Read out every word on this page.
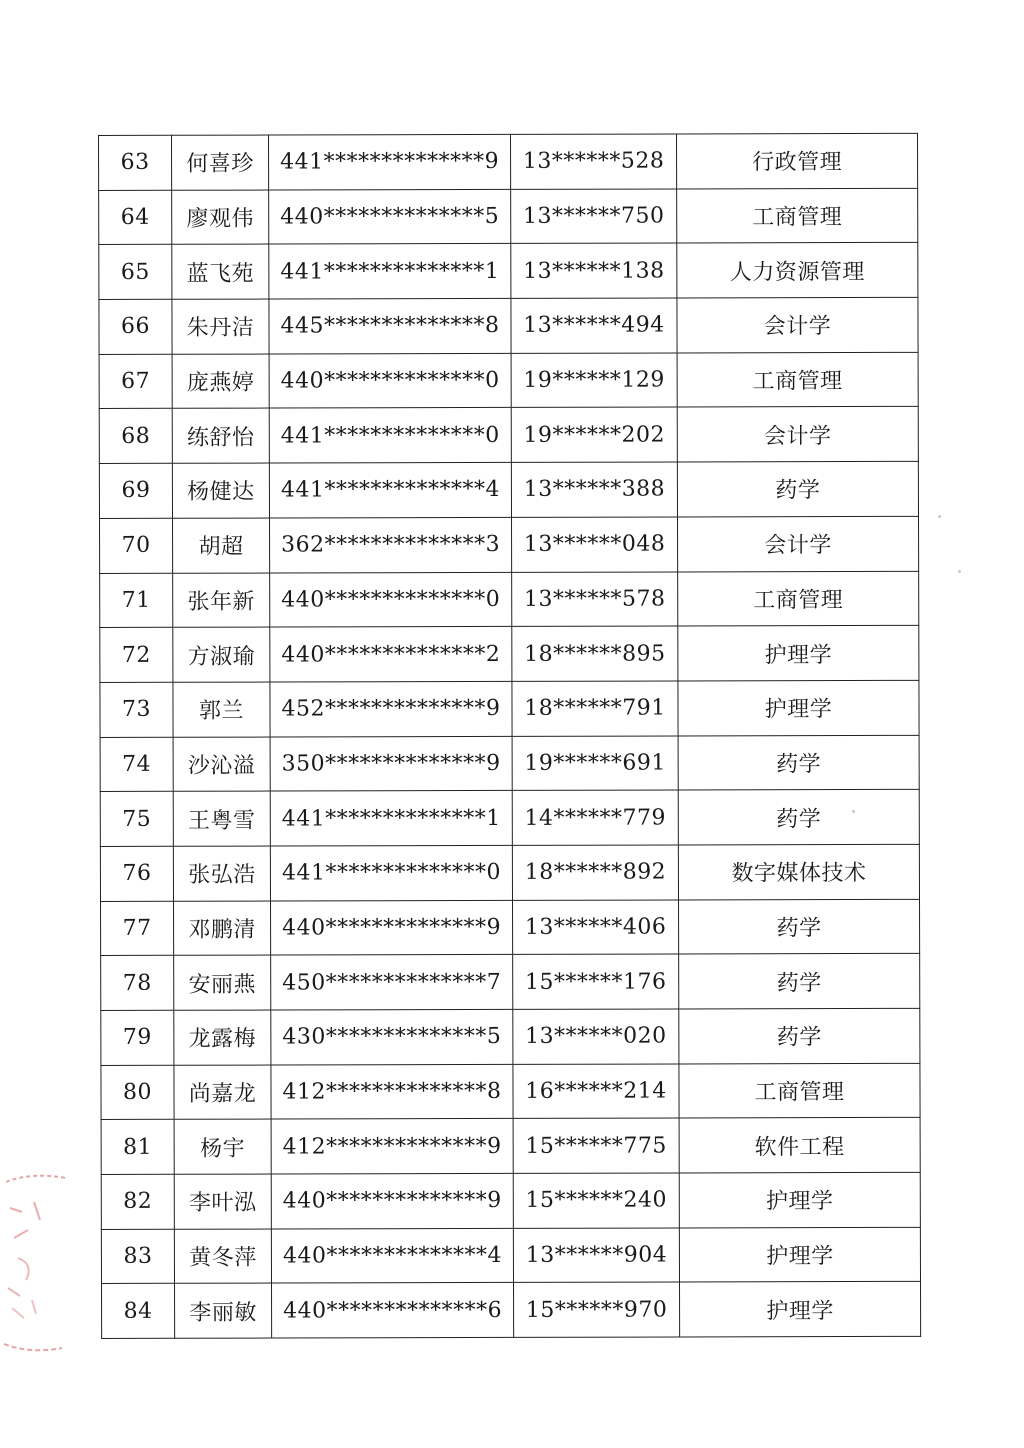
63	何喜珍	441**************9	13******528	行政管理
64	廖观伟	440**************5	13******750	工商管理
65	蓝飞苑	441**************1	13******138	人力资源管理
66	朱丹洁	445**************8	13******494	会计学
67	庞燕婷	440**************0	19******129	工商管理
68	练舒怡	441**************0	19******202	会计学
69	杨健达	441**************4	13******388	药学
70	胡超	362**************3	13******048	会计学
71	张年新	440**************0	13******578	工商管理
72	方淑瑜	440**************2	18******895	护理学
73	郭兰	452**************9	18******791	护理学
74	沙沁溢	350**************9	19******691	药学
75	王粤雪	441**************1	14******779	药学
76	张弘浩	441**************0	18******892	数字媒体技术
77	邓鹏清	440**************9	13******406	药学
78	安丽燕	450**************7	15******176	药学
79	龙露梅	430**************5	13******020	药学
80	尚嘉龙	412**************8	16******214	工商管理
81	杨宇	412**************9	15******775	软件工程
82	李叶泓	440**************9	15******240	护理学
83	黄冬萍	440**************4	13******904	护理学
84	李丽敏	440**************6	15******970	护理学
